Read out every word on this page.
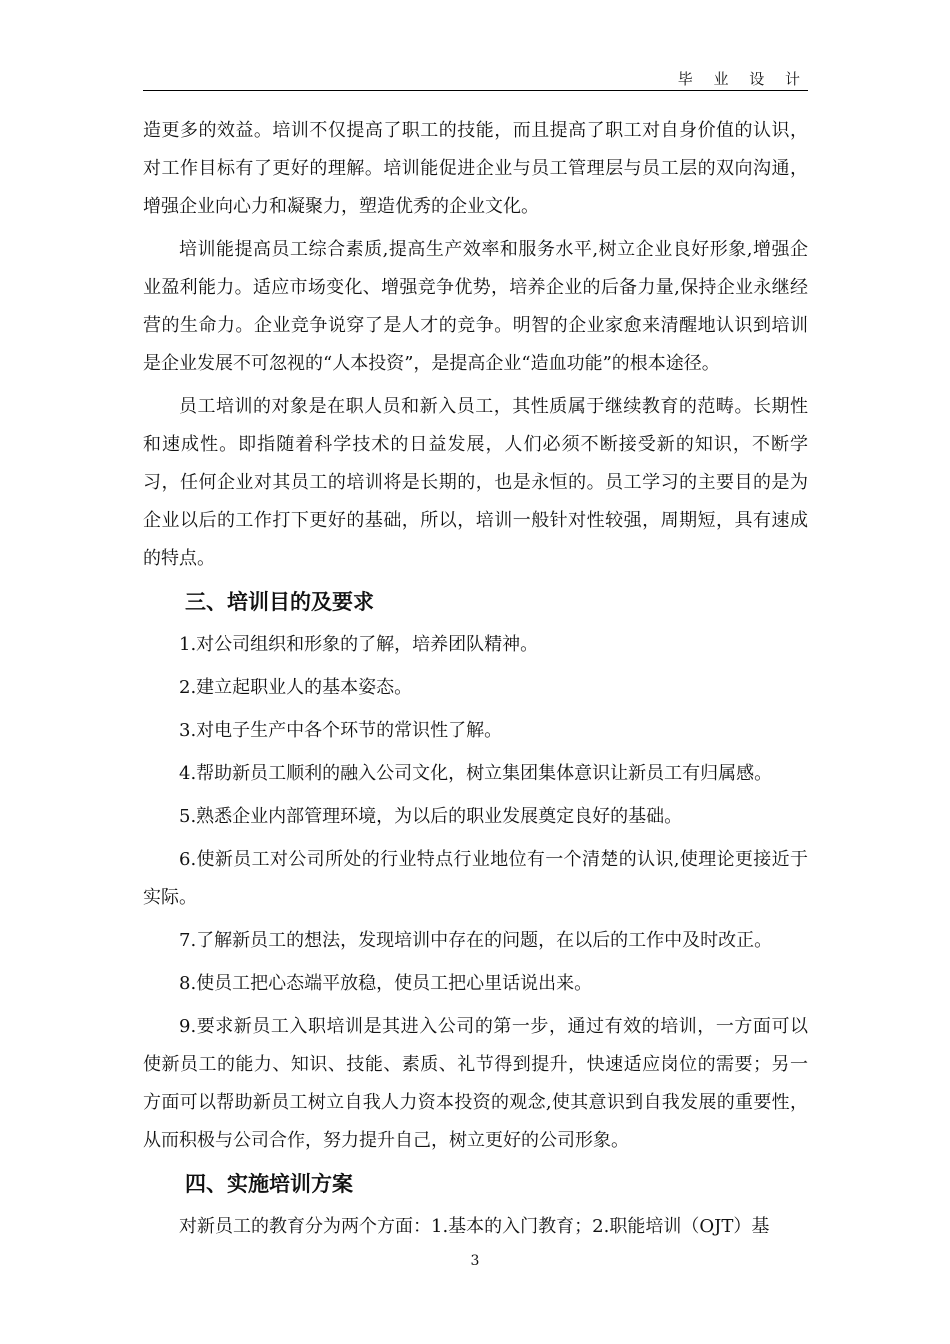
毕 业 设 计

造更多的效益。培训不仅提高了职工的技能，而且提高了职工对自身价值的认识，对工作目标有了更好的理解。培训能促进企业与员工管理层与员工层的双向沟通，增强企业向心力和凝聚力，塑造优秀的企业文化。

培训能提高员工综合素质,提高生产效率和服务水平,树立企业良好形象,增强企业盈利能力。适应市场变化、增强竞争优势，培养企业的后备力量,保持企业永继经营的生命力。企业竞争说穿了是人才的竞争。明智的企业家愈来清醒地认识到培训是企业发展不可忽视的“人本投资”，是提高企业“造血功能”的根本途径。

员工培训的对象是在职人员和新入员工，其性质属于继续教育的范畴。长期性和速成性。即指随着科学技术的日益发展，人们必须不断接受新的知识，不断学习，任何企业对其员工的培训将是长期的，也是永恒的。员工学习的主要目的是为企业以后的工作打下更好的基础，所以，培训一般针对性较强，周期短，具有速成的特点。

三、培训目的及要求

1.对公司组织和形象的了解，培养团队精神。

2.建立起职业人的基本姿态。

3.对电子生产中各个环节的常识性了解。

4.帮助新员工顺利的融入公司文化，树立集团集体意识让新员工有归属感。

5.熟悉企业内部管理环境，为以后的职业发展奠定良好的基础。

6.使新员工对公司所处的行业特点行业地位有一个清楚的认识,使理论更接近于实际。

7.了解新员工的想法，发现培训中存在的问题，在以后的工作中及时改正。

8.使员工把心态端平放稳，使员工把心里话说出来。

9.要求新员工入职培训是其进入公司的第一步，通过有效的培训，一方面可以使新员工的能力、知识、技能、素质、礼节得到提升，快速适应岗位的需要；另一方面可以帮助新员工树立自我人力资本投资的观念,使其意识到自我发展的重要性，从而积极与公司合作，努力提升自己，树立更好的公司形象。

四、实施培训方案

对新员工的教育分为两个方面：1.基本的入门教育；2.职能培训（OJT）基

3
